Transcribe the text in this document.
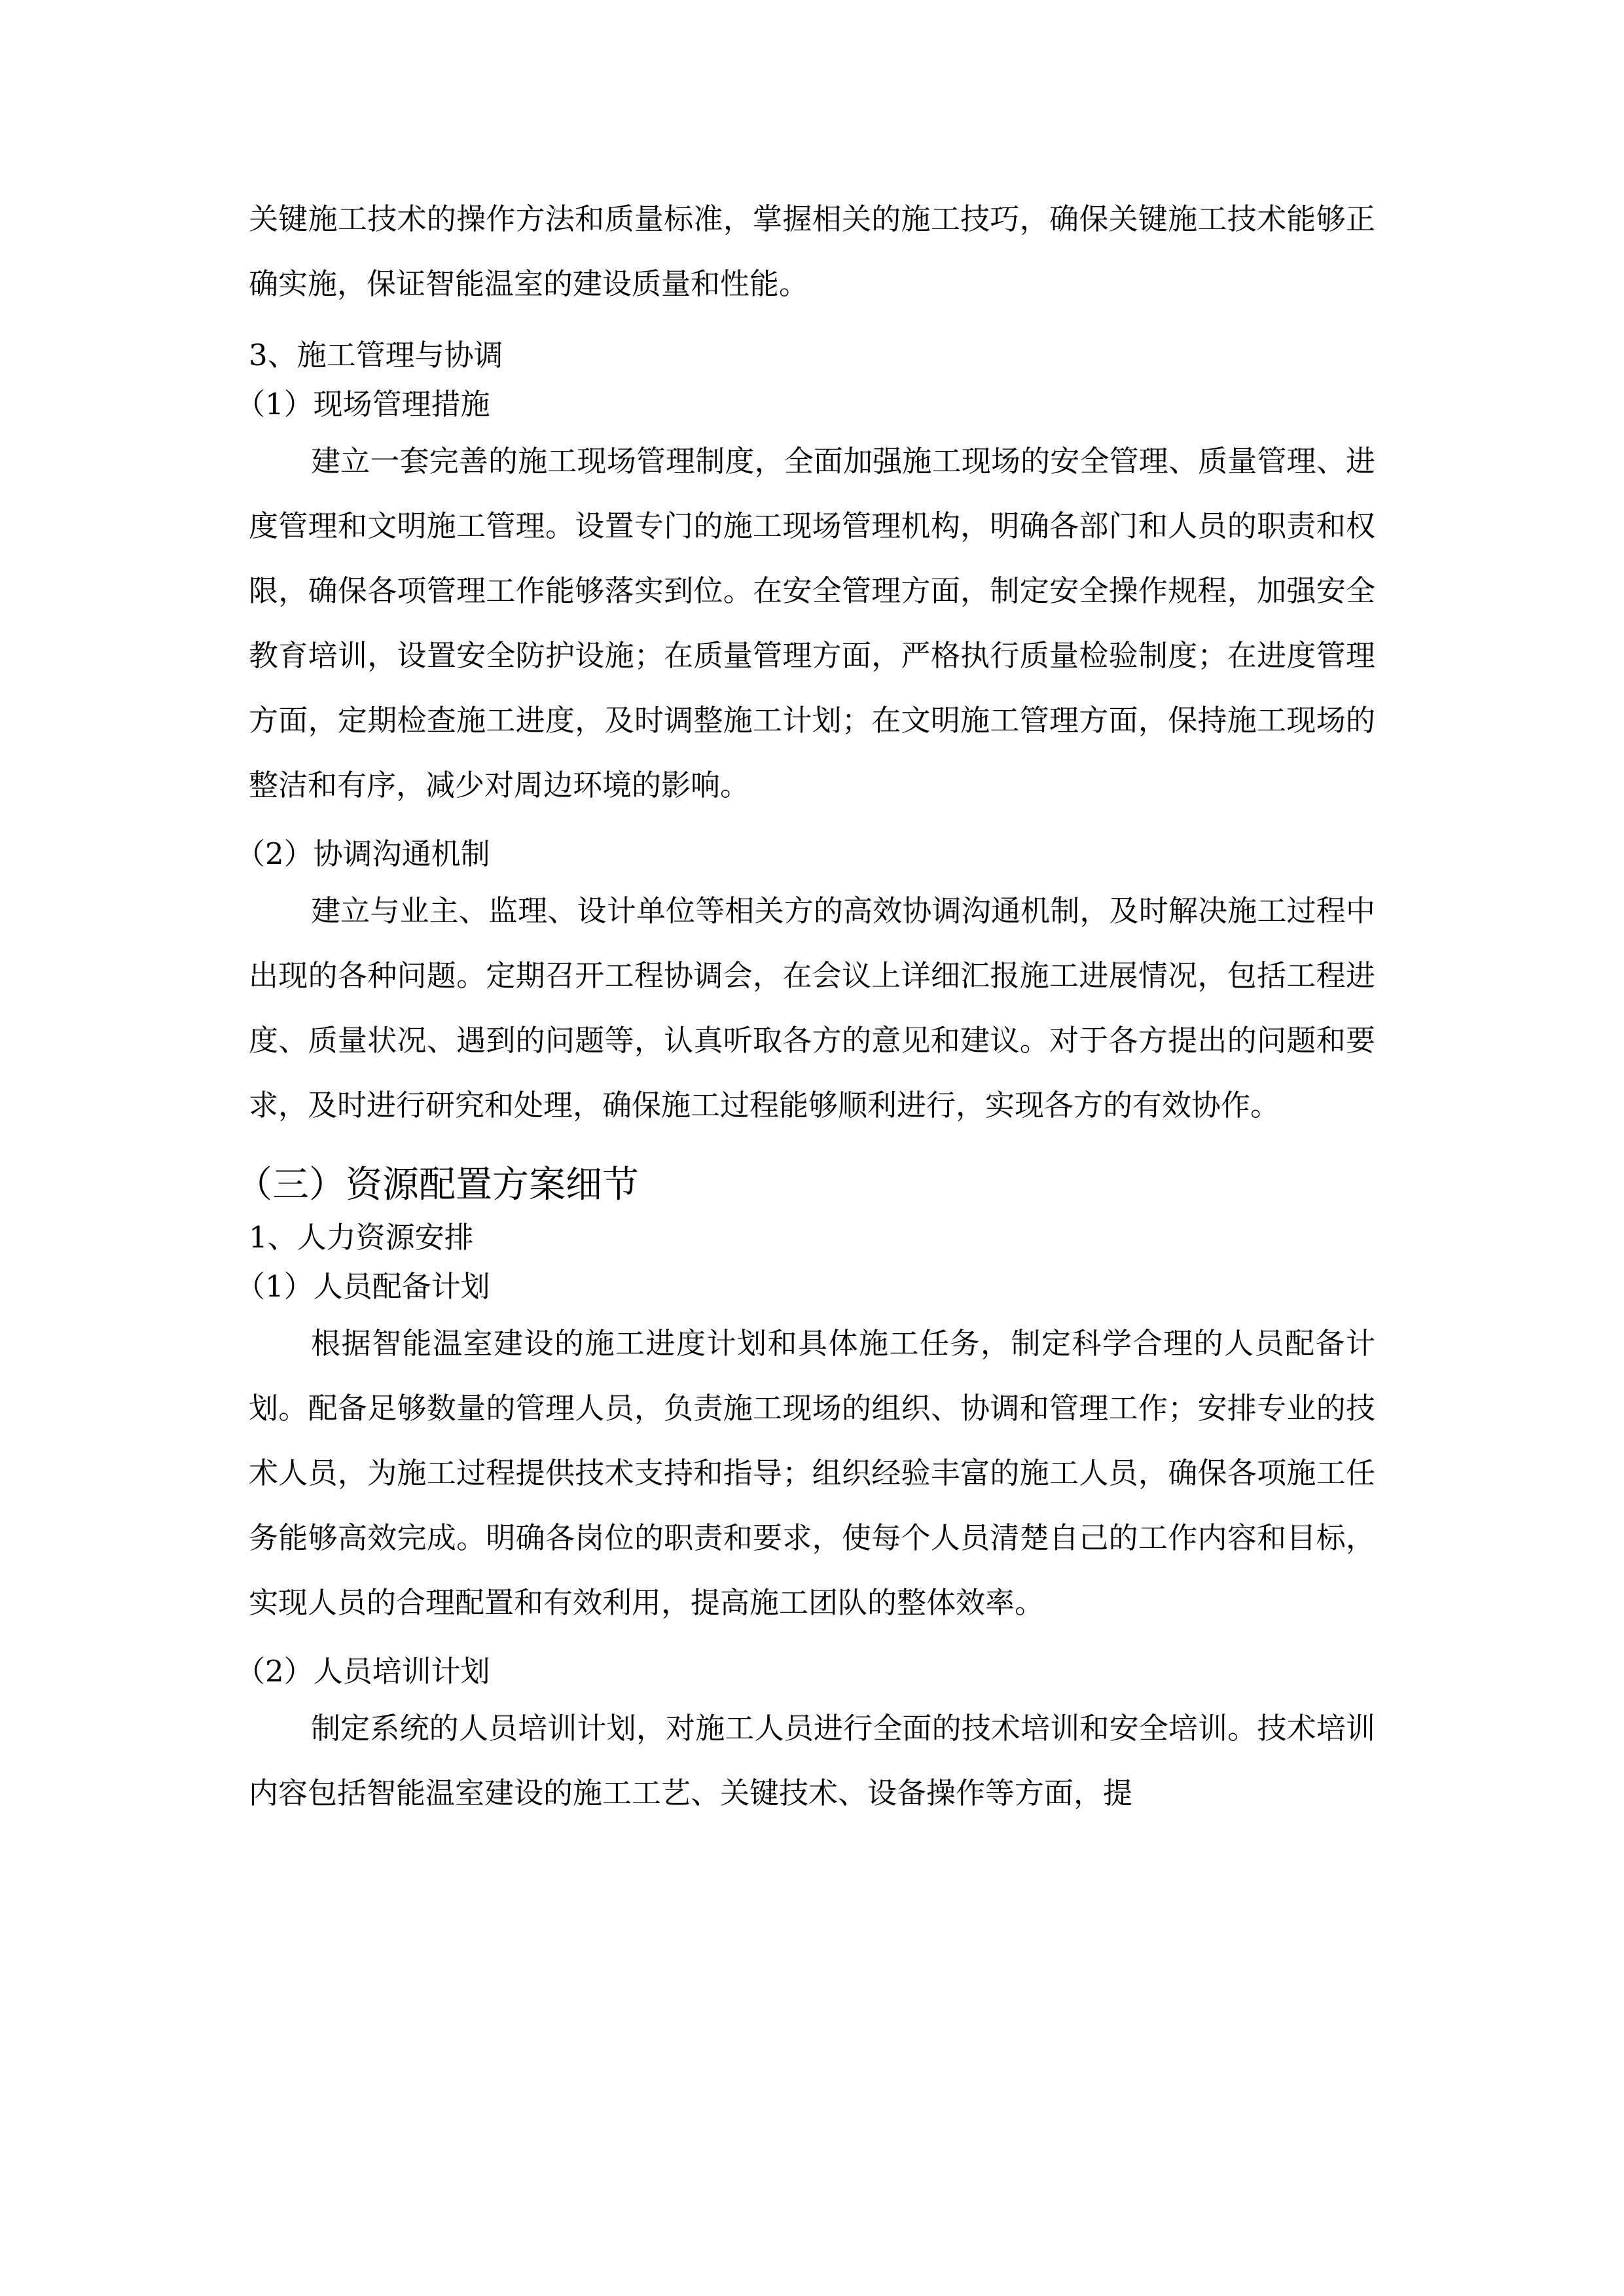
关键施工技术的操作方法和质量标准，掌握相关的施工技巧，确保关键施工技术能够正确实施，保证智能温室的建设质量和性能。

3、施工管理与协调
（1）现场管理措施

建立一套完善的施工现场管理制度，全面加强施工现场的安全管理、质量管理、进度管理和文明施工管理。设置专门的施工现场管理机构，明确各部门和人员的职责和权限，确保各项管理工作能够落实到位。在安全管理方面，制定安全操作规程，加强安全教育培训，设置安全防护设施；在质量管理方面，严格执行质量检验制度；在进度管理方面，定期检查施工进度，及时调整施工计划；在文明施工管理方面，保持施工现场的整洁和有序，减少对周边环境的影响。

（2）协调沟通机制

建立与业主、监理、设计单位等相关方的高效协调沟通机制，及时解决施工过程中出现的各种问题。定期召开工程协调会，在会议上详细汇报施工进展情况，包括工程进度、质量状况、遇到的问题等，认真听取各方的意见和建议。对于各方提出的问题和要求，及时进行研究和处理，确保施工过程能够顺利进行，实现各方的有效协作。

（三）资源配置方案细节
1、人力资源安排
（1）人员配备计划

根据智能温室建设的施工进度计划和具体施工任务，制定科学合理的人员配备计划。配备足够数量的管理人员，负责施工现场的组织、协调和管理工作；安排专业的技术人员，为施工过程提供技术支持和指导；组织经验丰富的施工人员，确保各项施工任务能够高效完成。明确各岗位的职责和要求，使每个人员清楚自己的工作内容和目标，实现人员的合理配置和有效利用，提高施工团队的整体效率。

（2）人员培训计划

制定系统的人员培训计划，对施工人员进行全面的技术培训和安全培训。技术培训内容包括智能温室建设的施工工艺、关键技术、设备操作等方面，提
